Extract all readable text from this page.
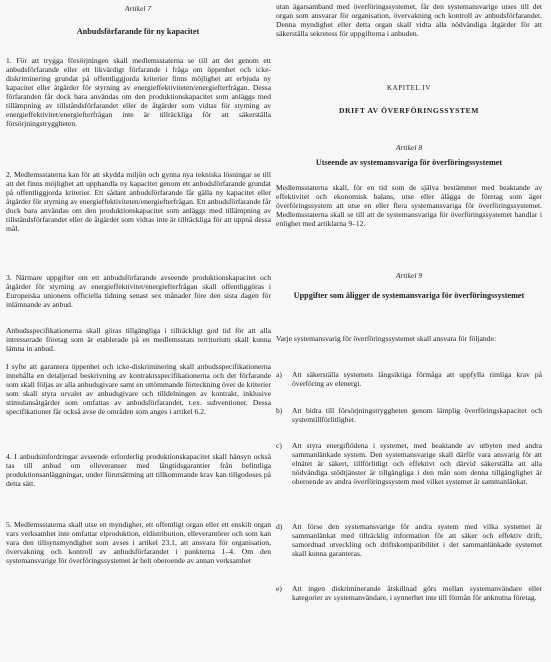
Artikel 7

Anbudsförfarande för ny kapacitet

1. För att trygga försörjningen skall medlemsstaterna se till att det genom ett anbudsförfarande eller ett likvärdigt förfarande i fråga om öppenhet och icke-diskriminering grundat på offentliggjorda kriterier finns möjlighet att erbjuda ny kapacitet eller åtgärder för styrning av energieffektiviteten/energiefterfrågan. Dessa förfaranden får dock bara användas om den produktionskapacitet som anläggs med tillämpning av tillståndsförfarandet eller de åtgärder som vidtas för styrning av energieffektivitet/energiefterfrågan inte är tillräckliga för att säkerställa försörjningstryggheten.

2. Medlemsstaterna kan för att skydda miljön och gynna nya tekniska lösningar se till att det finns möjlighet att upphandla ny kapacitet genom ett anbudsförfarande grundat på offentliggjorda kriterier. Ett sådant anbudsförfarande får gälla ny kapacitet eller åtgärder för styrning av energieffektiviteten/energiefterfrågan. Ett anbudsförfarande får dock bara användas om den produktionskapacitet som anläggs med tillämpning av tillståndsförfarandet eller de åtgärder som vidtas inte är tillräckliga för att uppnå dessa mål.

3. Närmare uppgifter om ett anbudsförfarande avseende produktionskapacitet och åtgärder för styrning av energieffektivitet/energiefterfrågan skall offentliggöras i Europeiska unionens officiella tidning senast sex månader före den sista dagen för inlämnande av anbud.

Anbudsspecifikationerna skall göras tillgängliga i tillräckligt god tid för att alla intresserade företag som är etablerade på en medlemsstats territorium skall kunna lämna in anbud.

I syfte att garantera öppenhet och icke-diskriminering skall anbudsspecifikationerna innehålla en detaljerad beskrivning av kontraktsspecifikationerna och det förfarande som skall följas av alla anbudsgivare samt en uttömmande förteckning över de kriterier som skall styra urvalet av anbudsgivare och tilldelningen av kontrakt, inklusive stimulansåtgärder som omfattas av anbudsförfarandet, t.ex. subventioner. Dessa specifikationer får också avse de områden som anges i artikel 6.2.

4. I anbudsinfordringar avseende erforderlig produktionskapacitet skall hänsyn också tas till anbud om elleveranser med långtidsgarantier från befintliga produktionsanläggningar, under förutsättning att tillkommande krav kan tillgodoses på detta sätt.

5. Medlemsstaterna skall utse en myndighet, ett offentligt organ eller ett enskilt organ vars verksamhet inte omfattar elproduktion, eldistribution, elleverantörer och som kan vara den tillsynsmyndighet som avses i artikel 23.1, att ansvara för organisation, övervakning och kontroll av anbudsförfarandet i punkterna 1–4. Om den systemansvarige för överföringssystemet är helt oberoende av annan verksamhet

utan ägarsamband med överföringssystemet, får den systemansvarige utses till det organ som ansvarar för organisation, övervakning och kontroll av anbudsförfarandet. Denna myndighet eller detta organ skall vidta alla nödvändiga åtgärder för att säkerställa sekretess för uppgifterna i anbuden.

KAPITEL IV

DRIFT AV ÖVERFÖRINGSSYSTEM

Artikel 8

Utseende av systemansvariga för överföringssystemet

Medlemsstaterna skall, för en tid som de själva bestämmer med beaktande av effektivitet och ekonomisk balans, utse eller ålägga de företag som äger överföringssystem att utse en eller flera systemansvariga för överföringssystemet. Medlemsstaterna skall se till att de systemansvariga för överföringssystemet handlar i enlighet med artiklarna 9–12.

Artikel 9

Uppgifter som åligger de systemansvariga för överföringssystemet

Varje systemansvarig för överföringssystemet skall ansvara för följande:

a)	Att säkerställa systemets långsiktiga förmåga att uppfylla rimliga krav på överföring av elenergi.

b)	Att bidra till försörjningstryggheten genom lämplig överföringskapacitet och systemtillförlitlighet.

c)	Att styra energiflödena i systemet, med beaktande av utbyten med andra sammanlänkade system. Den systemansvarige skall därför vara ansvarig för att elnätet är säkert, tillförlitligt och effektivt och därvid säkerställa att alla nödvändiga stödtjänster är tillgängliga i den mån som denna tillgänglighet är oberoende av andra överföringssystem med vilket systemet är sammanlänkat.

d)	Att förse den systemansvarige för andra system med vilka systemet är sammanlänkat med tillräcklig information för att säker och effektiv drift, samordnad utveckling och driftskompatibilitet i det sammanlänkade systemet skall kunna garanteras.

e)	Att ingen diskriminerande åtskillnad görs mellan systemanvändare eller kategorier av systemanvändare, i synnerhet inte till förmån för anknutna företag.
